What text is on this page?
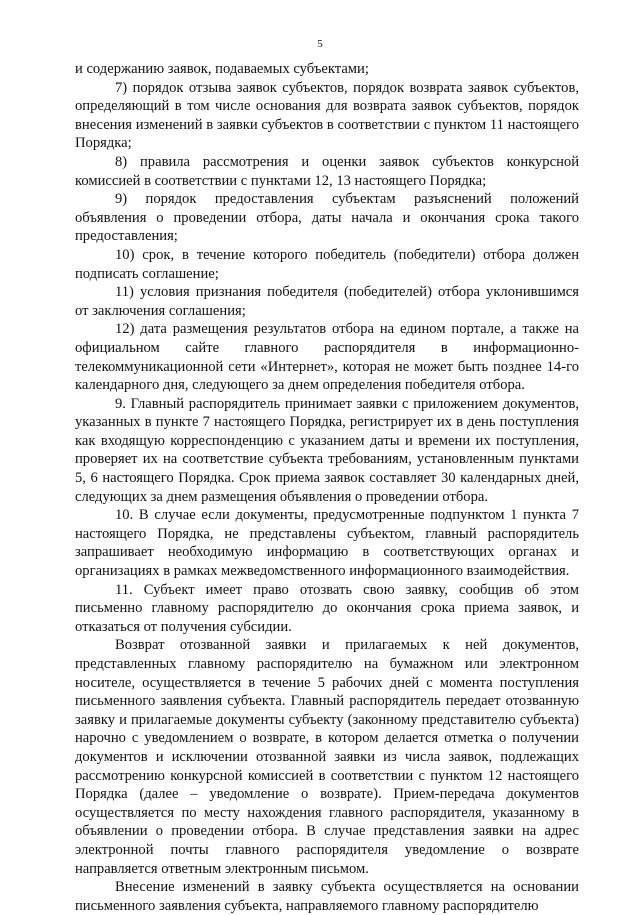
5

и содержанию заявок, подаваемых субъектами;

7) порядок отзыва заявок субъектов, порядок возврата заявок субъектов, определяющий в том числе основания для возврата заявок субъектов, порядок внесения изменений в заявки субъектов в соответствии с пунктом 11 настоящего Порядка;

8) правила рассмотрения и оценки заявок субъектов конкурсной комиссией в соответствии с пунктами 12, 13 настоящего Порядка;

9) порядок предоставления субъектам разъяснений положений объявления о проведении отбора, даты начала и окончания срока такого предоставления;

10) срок, в течение которого победитель (победители) отбора должен подписать соглашение;

11) условия признания победителя (победителей) отбора уклонившимся от заключения соглашения;

12) дата размещения результатов отбора на едином портале, а также на официальном сайте главного распорядителя в информационно-телекоммуникационной сети «Интернет», которая не может быть позднее 14-го календарного дня, следующего за днем определения победителя отбора.

9. Главный распорядитель принимает заявки с приложением документов, указанных в пункте 7 настоящего Порядка, регистрирует их в день поступления как входящую корреспонденцию с указанием даты и времени их поступления, проверяет их на соответствие субъекта требованиям, установленным пунктами 5, 6 настоящего Порядка. Срок приема заявок составляет 30 календарных дней, следующих за днем размещения объявления о проведении отбора.

10. В случае если документы, предусмотренные подпунктом 1 пункта 7 настоящего Порядка, не представлены субъектом, главный распорядитель запрашивает необходимую информацию в соответствующих органах и организациях в рамках межведомственного информационного взаимодействия.

11. Субъект имеет право отозвать свою заявку, сообщив об этом письменно главному распорядителю до окончания срока приема заявок, и отказаться от получения субсидии.

Возврат отозванной заявки и прилагаемых к ней документов, представленных главному распорядителю на бумажном или электронном носителе, осуществляется в течение 5 рабочих дней с момента поступления письменного заявления субъекта. Главный распорядитель передает отозванную заявку и прилагаемые документы субъекту (законному представителю субъекта) нарочно с уведомлением о возврате, в котором делается отметка о получении документов и исключении отозванной заявки из числа заявок, подлежащих рассмотрению конкурсной комиссией в соответствии с пунктом 12 настоящего Порядка (далее – уведомление о возврате). Прием-передача документов осуществляется по месту нахождения главного распорядителя, указанному в объявлении о проведении отбора. В случае представления заявки на адрес электронной почты главного распорядителя уведомление о возврате направляется ответным электронным письмом.

Внесение изменений в заявку субъекта осуществляется на основании письменного заявления субъекта, направляемого главному распорядителю
